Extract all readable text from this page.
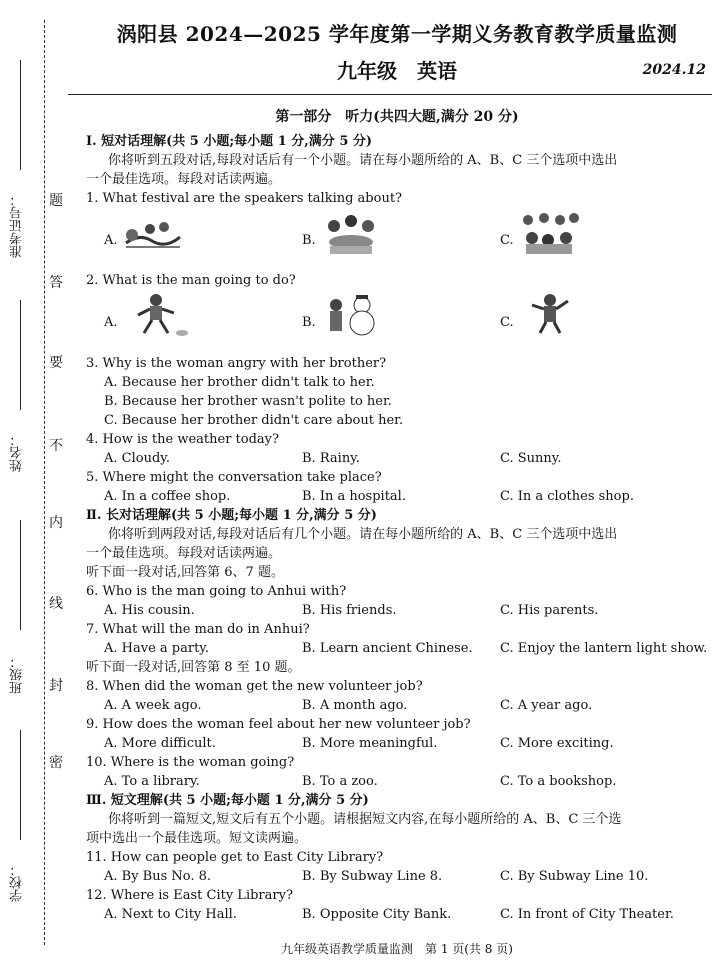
题
答
要
不
内
线
封
密
准考证号：
姓名：
班级：
学校：
涡阳县 2024—2025 学年度第一学期义务教育教学质量监测
九年级　英语	2024.12
第一部分　听力(共四大题,满分 20 分)
Ⅰ. 短对话理解(共 5 小题;每小题 1 分,满分 5 分)
你将听到五段对话,每段对话后有一个小题。请在每小题所给的 A、B、C 三个选项中选出
一个最佳选项。每段对话读两遍。
1. What festival are the speakers talking about?
A.	B.	C.
2. What is the man going to do?
A.	B.	C.
3. Why is the woman angry with her brother?
A. Because her brother didn't talk to her.
B. Because her brother wasn't polite to her.
C. Because her brother didn't care about her.
4. How is the weather today?
A. Cloudy.	B. Rainy.	C. Sunny.
5. Where might the conversation take place?
A. In a coffee shop.	B. In a hospital.	C. In a clothes shop.
Ⅱ. 长对话理解(共 5 小题;每小题 1 分,满分 5 分)
你将听到两段对话,每段对话后有几个小题。请在每小题所给的 A、B、C 三个选项中选出
一个最佳选项。每段对话读两遍。
听下面一段对话,回答第 6、7 题。
6. Who is the man going to Anhui with?
A. His cousin.	B. His friends.	C. His parents.
7. What will the man do in Anhui?
A. Have a party.	B. Learn ancient Chinese. C. Enjoy the lantern light show.
听下面一段对话,回答第 8 至 10 题。
8. When did the woman get the new volunteer job?
A. A week ago.	B. A month ago.	C. A year ago.
9. How does the woman feel about her new volunteer job?
A. More difficult.	B. More meaningful.	C. More exciting.
10. Where is the woman going?
A. To a library.	B. To a zoo.	C. To a bookshop.
Ⅲ. 短文理解(共 5 小题;每小题 1 分,满分 5 分)
你将听到一篇短文,短文后有五个小题。请根据短文内容,在每小题所给的 A、B、C 三个选
项中选出一个最佳选项。短文读两遍。
11. How can people get to East City Library?
A. By Bus No. 8.	B. By Subway Line 8.	C. By Subway Line 10.
12. Where is East City Library?
A. Next to City Hall.	B. Opposite City Bank.	C. In front of City Theater.
九年级英语教学质量监测　第 1 页(共 8 页)
